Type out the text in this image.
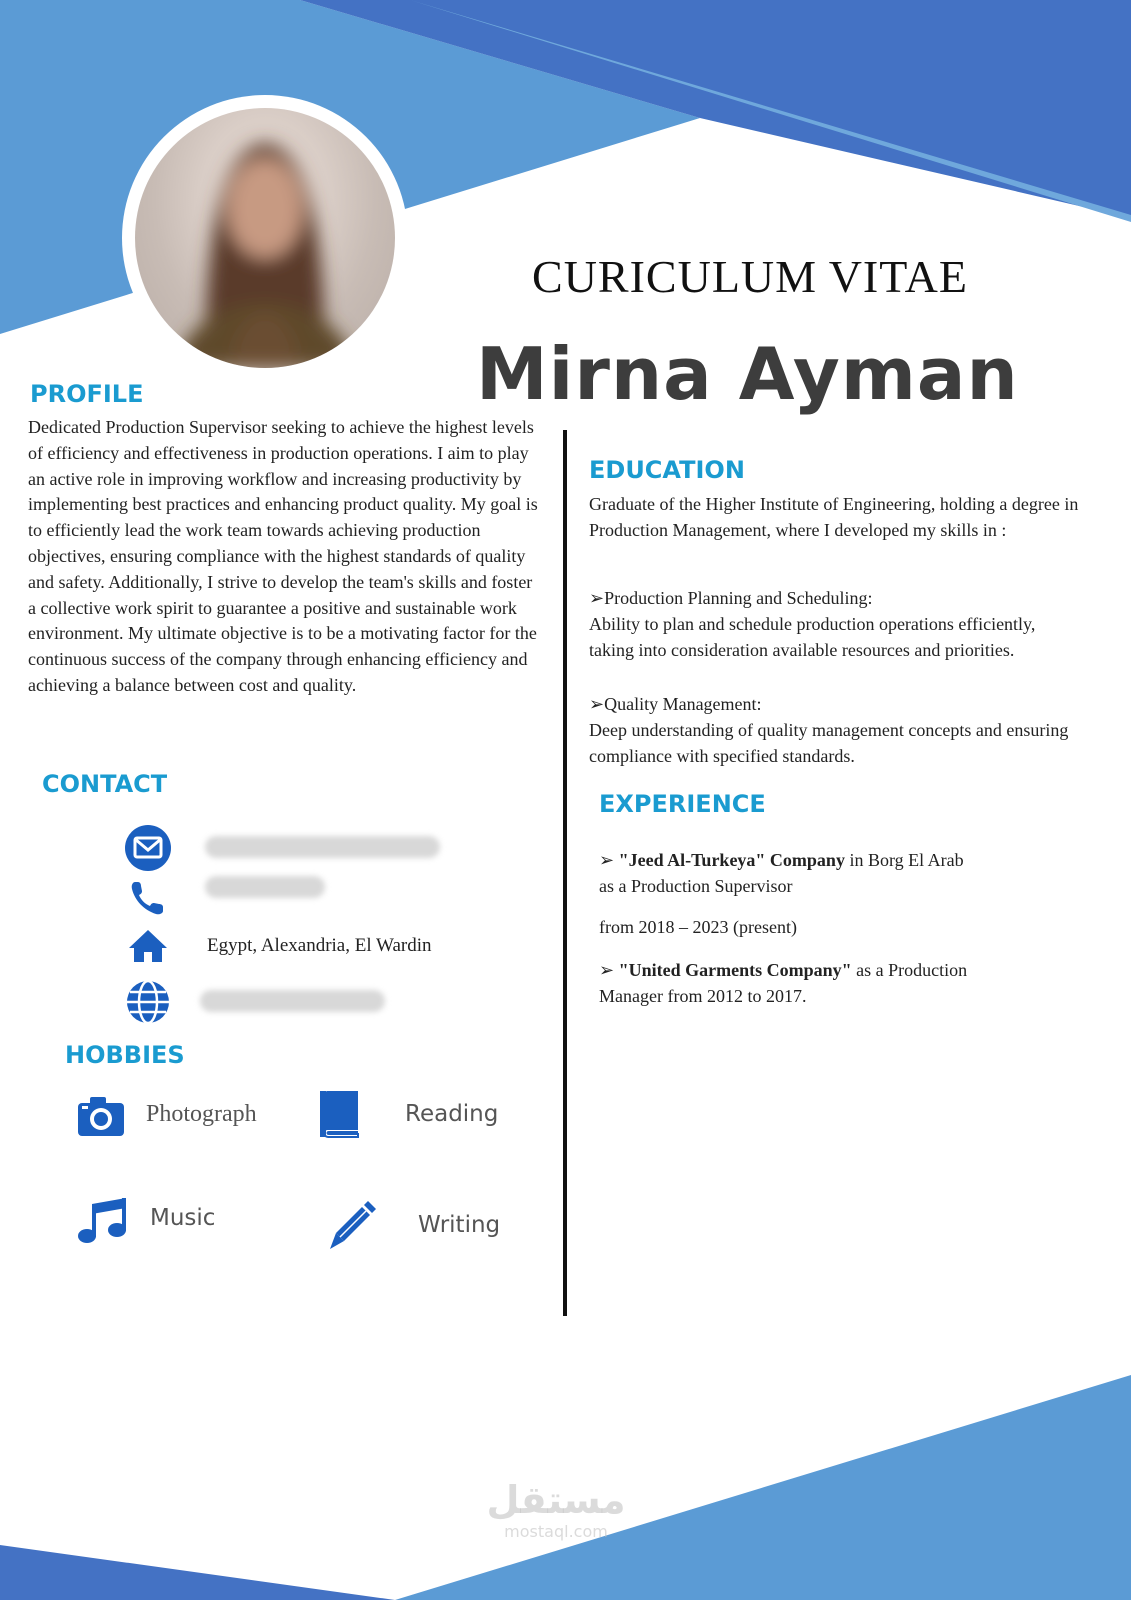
CURICULUM VITAE
Mirna Ayman
PROFILE

Dedicated Production Supervisor seeking to achieve the highest levels of efficiency and effectiveness in production operations. I aim to play an active role in improving workflow and increasing productivity by implementing best practices and enhancing product quality. My goal is to efficiently lead the work team towards achieving production objectives, ensuring compliance with the highest standards of quality and safety. Additionally, I strive to develop the team's skills and foster a collective work spirit to guarantee a positive and sustainable work environment. My ultimate objective is to be a motivating factor for the continuous success of the company through enhancing efficiency and achieving a balance between cost and quality.

CONTACT
Egypt, Alexandria, El Wardin
HOBBIES
Photograph	Reading
Music	Writing
EDUCATION

Graduate of the Higher Institute of Engineering, holding a degree in Production Management, where I developed my skills in :

➢Production Planning and Scheduling:
Ability to plan and schedule production operations efficiently, taking into consideration available resources and priorities.
➢Quality Management:
Deep understanding of quality management concepts and ensuring compliance with specified standards.
EXPERIENCE

➢ "Jeed Al-Turkeya" Company in Borg El Arab

as a Production Supervisor

from 2018 – 2023 (present)

➢ "United Garments Company" as a Production

Manager from 2012 to 2017.

مستقل
mostaql.com
